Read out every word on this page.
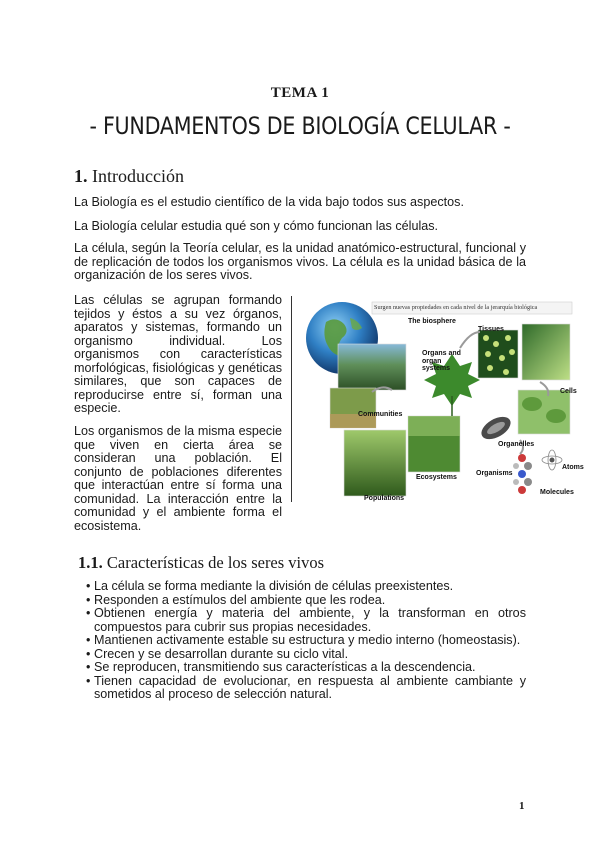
TEMA 1
- FUNDAMENTOS DE BIOLOGÍA CELULAR -
1. Introducción
La Biología es el estudio científico de la vida bajo todos sus aspectos.
La Biología celular estudia qué son y cómo funcionan las células.
La célula, según la Teoría celular, es la unidad anatómico-estructural, funcional y de replicación de todos los organismos vivos. La célula es la unidad básica de la organización de los seres vivos.
Las células se agrupan formando tejidos y éstos a su vez órganos, aparatos y sistemas, formando un organismo individual. Los organismos con características morfológicas, fisiológicas y genéticas similares, que son capaces de reproducirse entre sí, forman una especie.
Los organismos de la misma especie que viven en cierta área se consideran una población. El conjunto de poblaciones diferentes que interactúan entre sí forma una comunidad. La interacción entre la comunidad y el ambiente forma el ecosistema.
Surgen nuevas propiedades en cada nivel de la jerarquía biológica
The biosphere
Tissues
Organs and organ systems
Cells
Communities
Organelles
Atoms
Ecosystems
Organisms
Populations
Molecules
1.1. Características de los seres vivos
• La célula se forma mediante la división de células preexistentes.
• Responden a estímulos del ambiente que les rodea.
• Obtienen energía y materia del ambiente, y la transforman en otros compuestos para cubrir sus propias necesidades.
• Mantienen activamente estable su estructura y medio interno (homeostasis).
• Crecen y se desarrollan durante su ciclo vital.
• Se reproducen, transmitiendo sus características a la descendencia.
• Tienen capacidad de evolucionar, en respuesta al ambiente cambiante y sometidos al proceso de selección natural.
1
